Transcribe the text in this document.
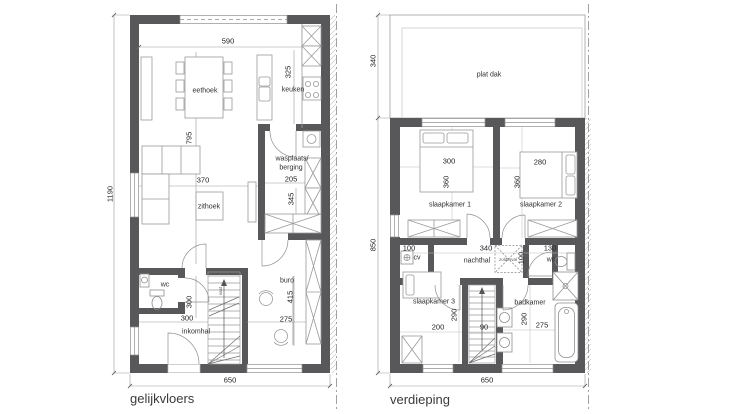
1190
650
gelijkvloers
590
eethoek
325
keuken
795
370
zithoek
wasplaats/
berging
205
345
wc
300
300
inkomhal
vast
buro
415
275
340
plat dak
850
650
verdieping
300
360
slaapkamer 1
280
360
slaapkamer 2
100
cv
340
nachthal zolderval 100
130
wc
slaapkamer 3
290
200	90
badkamer
290 275
